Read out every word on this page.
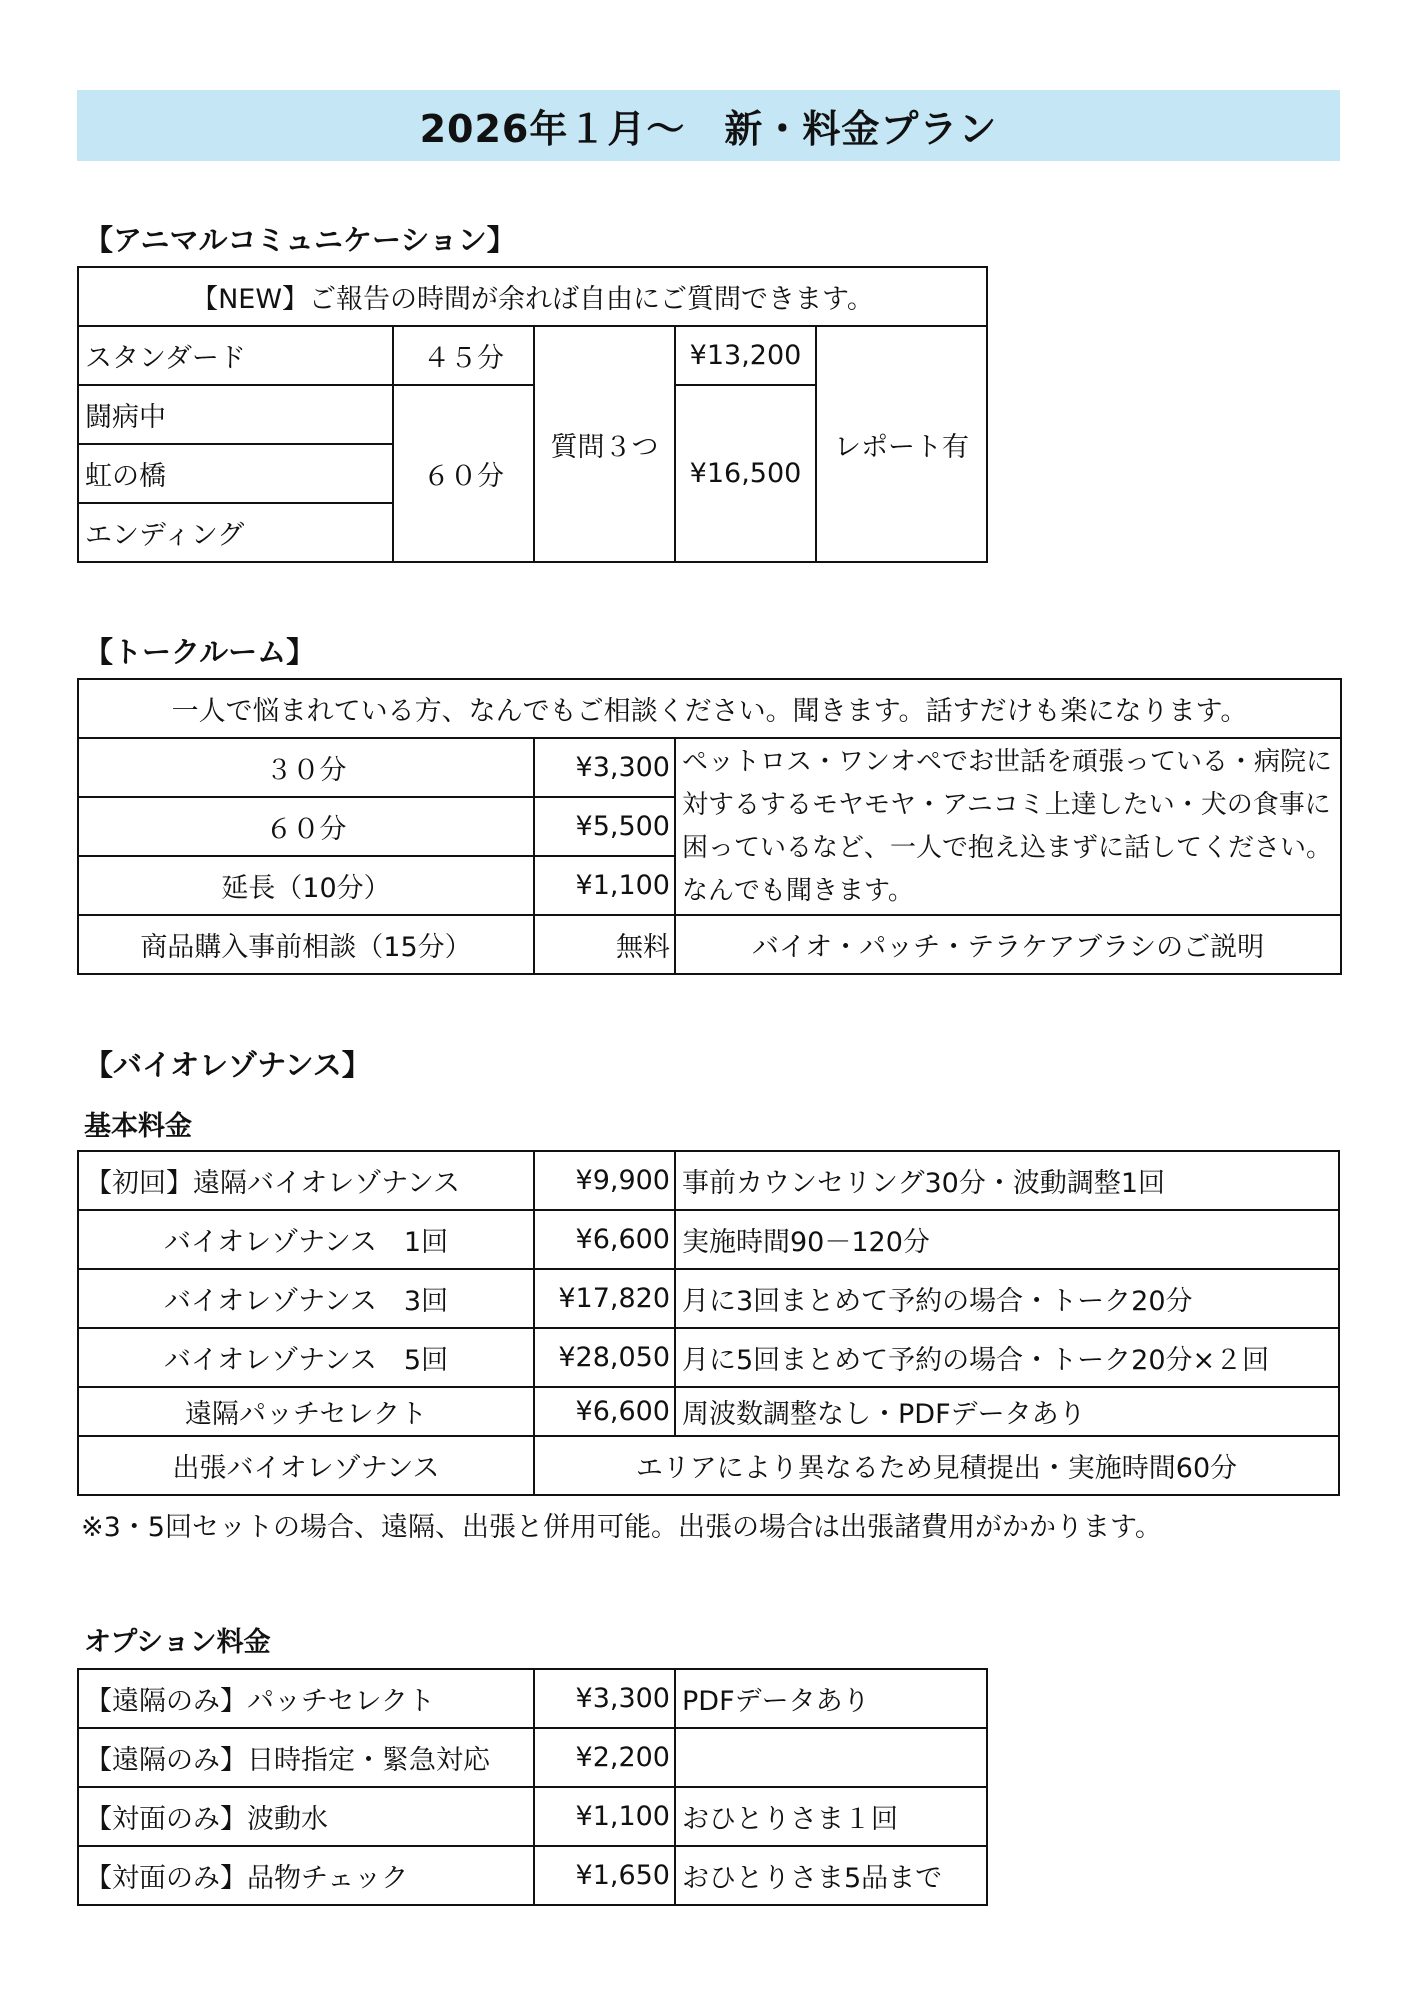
2026年１月～　新・料金プラン
【アニマルコミュニケーション】
【NEW】ご報告の時間が余れば自由にご質問できます。				
スタンダード	４５分	質問３つ	¥13,200	レポート有
闘病中	６０分		¥16,500	
虹の橋				
エンディング				
【トークルーム】
一人で悩まれている方、なんでもご相談ください。聞きます。話すだけも楽になります。		
３０分	¥3,300	ペットロス・ワンオペでお世話を頑張っている・病院に対するするモヤモヤ・アニコミ上達したい・犬の食事に困っているなど、一人で抱え込まずに話してください。なんでも聞きます。
６０分	¥5,500	
延長（10分）	¥1,100	
商品購入事前相談（15分）	無料	バイオ・パッチ・テラケアブラシのご説明
【バイオレゾナンス】
基本料金
【初回】遠隔バイオレゾナンス	¥9,900	事前カウンセリング30分・波動調整1回
バイオレゾナンス　1回	¥6,600	実施時間90－120分
バイオレゾナンス　3回	¥17,820	月に3回まとめて予約の場合・トーク20分
バイオレゾナンス　5回	¥28,050	月に5回まとめて予約の場合・トーク20分×２回
遠隔パッチセレクト	¥6,600	周波数調整なし・PDFデータあり
出張バイオレゾナンス	エリアにより異なるため見積提出・実施時間60分	
※3・5回セットの場合、遠隔、出張と併用可能。出張の場合は出張諸費用がかかります。
オプション料金
【遠隔のみ】パッチセレクト	¥3,300	PDFデータあり
【遠隔のみ】日時指定・緊急対応	¥2,200	
【対面のみ】波動水	¥1,100	おひとりさま１回
【対面のみ】品物チェック	¥1,650	おひとりさま5品まで
